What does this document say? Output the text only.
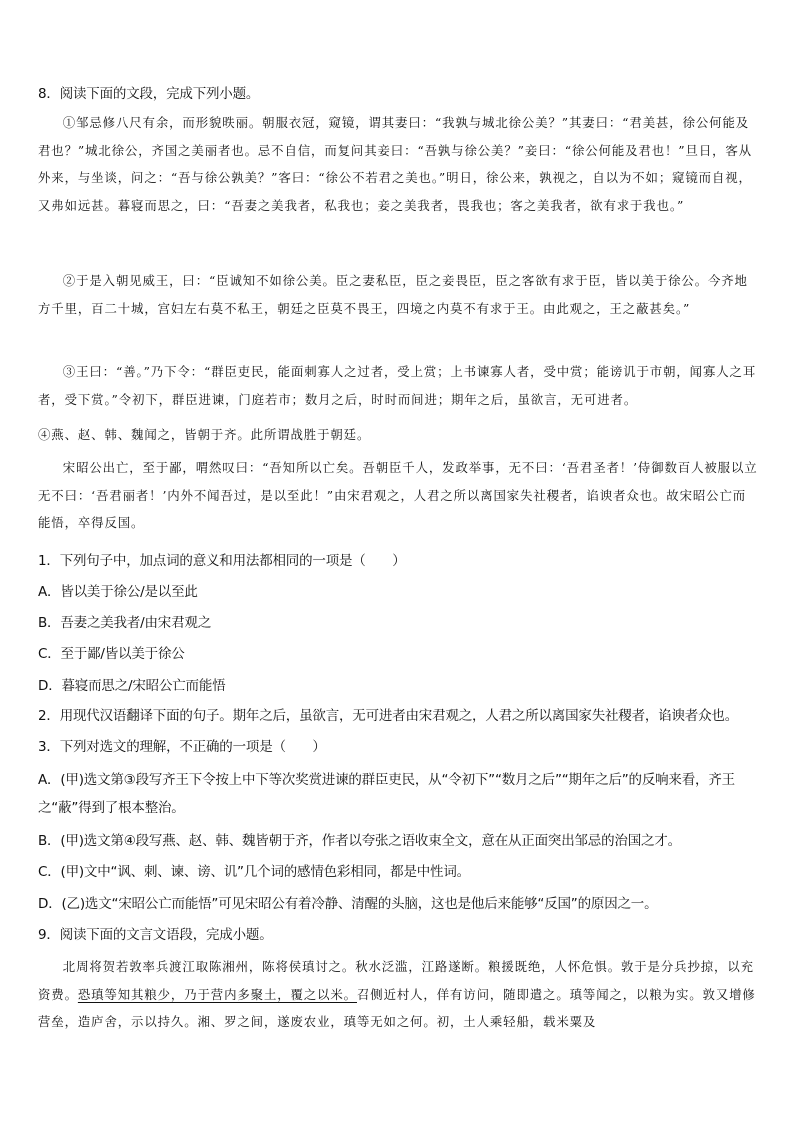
8．阅读下面的文段，完成下列小题。

①邹忌修八尺有余，而形貌昳丽。朝服衣冠，窥镜，谓其妻曰：“我孰与城北徐公美？”其妻曰：“君美甚，徐公何能及君也？”城北徐公，齐国之美丽者也。忌不自信，而复问其妾曰：“吾孰与徐公美？”妾曰：“徐公何能及君也！”旦日，客从外来，与坐谈，问之：“吾与徐公孰美？”客曰：“徐公不若君之美也。”明日，徐公来，孰视之，自以为不如；窥镜而自视，又弗如远甚。暮寝而思之，曰：“吾妻之美我者，私我也；妾之美我者，畏我也；客之美我者，欲有求于我也。”

②于是入朝见威王，曰：“臣诚知不如徐公美。臣之妻私臣，臣之妾畏臣，臣之客欲有求于臣，皆以美于徐公。今齐地方千里，百二十城，宫妇左右莫不私王，朝廷之臣莫不畏王，四境之内莫不有求于王。由此观之，王之蔽甚矣。”

③王曰：“善。”乃下令：“群臣吏民，能面刺寡人之过者，受上赏；上书谏寡人者，受中赏；能谤讥于市朝，闻寡人之耳者，受下赏。”令初下，群臣进谏，门庭若市；数月之后，时时而间进；期年之后，虽欲言，无可进者。

④燕、赵、韩、魏闻之，皆朝于齐。此所谓战胜于朝廷。

宋昭公出亡，至于鄙，喟然叹曰：“吾知所以亡矣。吾朝臣千人，发政举事，无不曰：‘吾君圣者！’侍御数百人被服以立无不曰：‘吾君丽者！’内外不闻吾过，是以至此！”由宋君观之，人君之所以离国家失社稷者，谄谀者众也。故宋昭公亡而能悟，卒得反国。

1．下列句子中，加点词的意义和用法都相同的一项是（　　）

A．皆以美于徐公/是以至此

B．吾妻之美我者/由宋君观之

C．至于鄙/皆以美于徐公

D．暮寝而思之/宋昭公亡而能悟

2．用现代汉语翻译下面的句子。期年之后，虽欲言，无可进者由宋君观之，人君之所以离国家失社稷者，谄谀者众也。

3．下列对选文的理解，不正确的一项是（　　）

A．(甲)选文第③段写齐王下令按上中下等次奖赏进谏的群臣吏民，从“令初下”“数月之后”“期年之后”的反响来看，齐王之“蔽”得到了根本整治。

B．(甲)选文第④段写燕、赵、韩、魏皆朝于齐，作者以夸张之语收束全文，意在从正面突出邹忌的治国之才。

C．(甲)文中“讽、刺、谏、谤、讥”几个词的感情色彩相同，都是中性词。

D．(乙)选文“宋昭公亡而能悟”可见宋昭公有着冷静、清醒的头脑，这也是他后来能够“反国”的原因之一。

9．阅读下面的文言文语段，完成小题。

北周将贺若敦率兵渡江取陈湘州，陈将侯瑱讨之。秋水泛滥，江路遂断。粮援既绝，人怀危惧。敦于是分兵抄掠，以充资费。恐瑱等知其粮少，乃于营内多聚土，覆之以米。召侧近村人，佯有访问，随即遣之。瑱等闻之，以粮为实。敦又增修营垒，造庐舍，示以持久。湘、罗之间，遂废农业，瑱等无如之何。初，土人乘轻船，载米粟及
